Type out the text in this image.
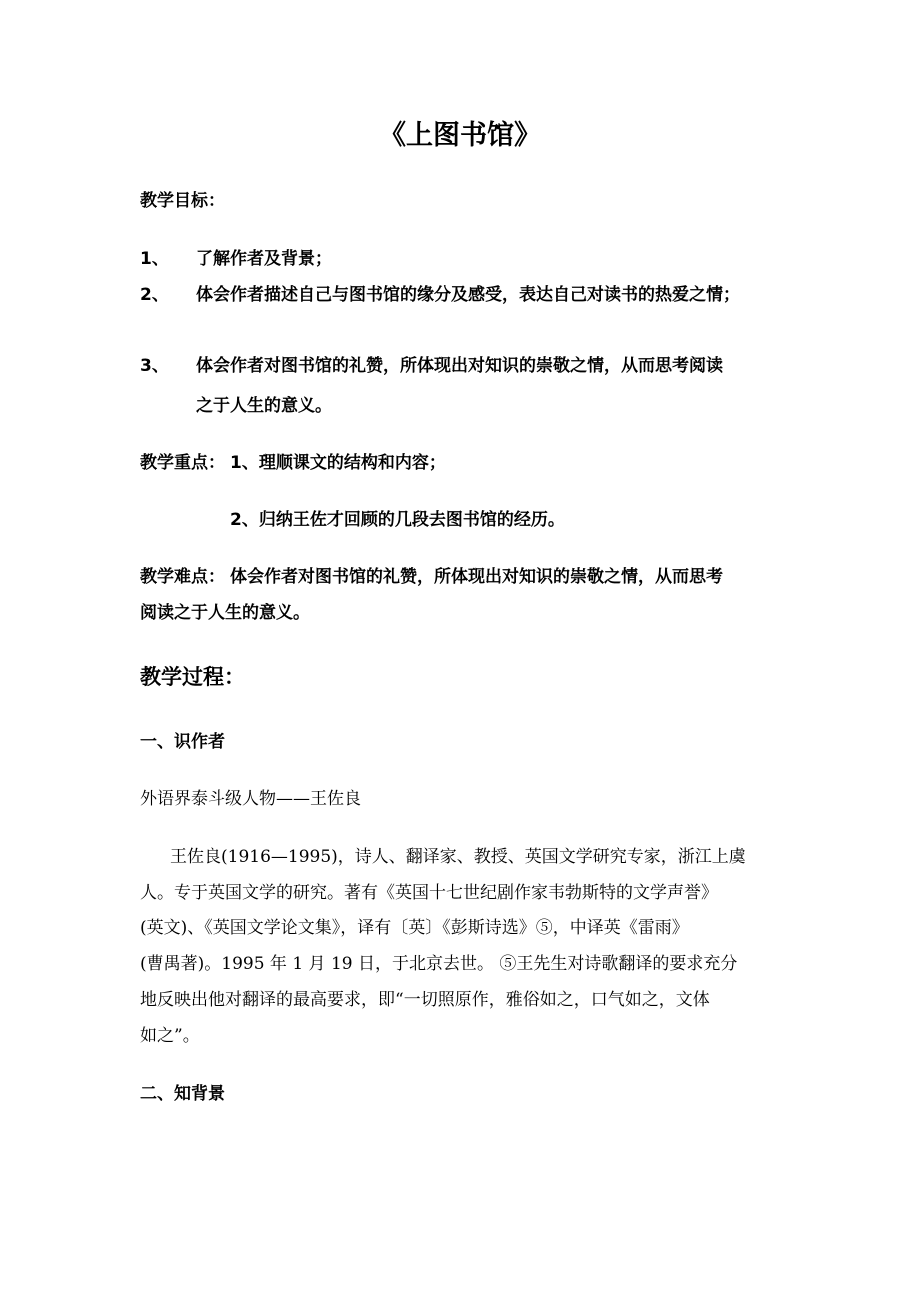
《上图书馆》
教学目标：
1、 了解作者及背景；
2、 体会作者描述自己与图书馆的缘分及感受，表达自己对读书的热爱之情；
3、 体会作者对图书馆的礼赞，所体现出对知识的崇敬之情，从而思考阅读
之于人生的意义。
教学重点： 1、理顺课文的结构和内容；
2、归纳王佐才回顾的几段去图书馆的经历。
教学难点： 体会作者对图书馆的礼赞，所体现出对知识的崇敬之情，从而思考
阅读之于人生的意义。
教学过程：
一、识作者
外语界泰斗级人物——王佐良
王佐良(1916—1995)，诗人、翻译家、教授、英国文学研究专家，浙江上虞
人。专于英国文学的研究。著有《英国十七世纪剧作家韦勃斯特的文学声誉》
(英文)、《英国文学论文集》，译有〔英〕《彭斯诗选》⑤，中译英《雷雨》
(曹禺著)。1995 年 1 月 19 日，于北京去世。 ⑤王先生对诗歌翻译的要求充分
地反映出他对翻译的最高要求，即“一切照原作，雅俗如之，口气如之，文体
如之”。
二、知背景
